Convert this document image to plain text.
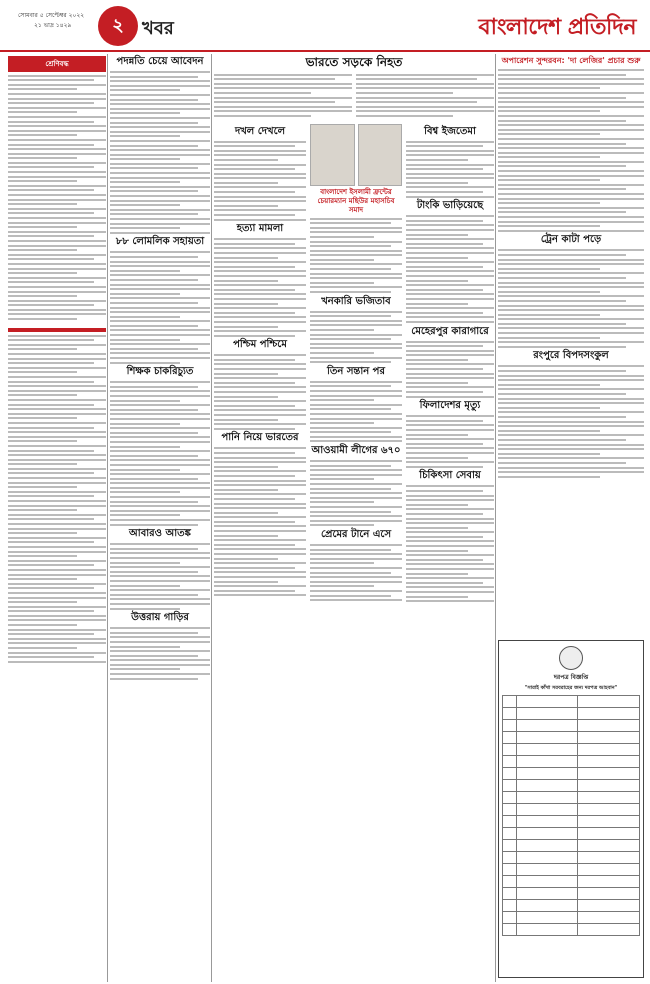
সোমবার ৫ সেপ্টেম্বর ২০২২
২১ ভাদ্র ১৪২৯	২	খবর	বাংলাদেশ প্রতিদিন
শ্রেণিবদ্ধ	পদন্নতি চেয়ে আবেদন
৮৮ লোমলিক সহায়তা
শিক্ষক চাকরিচ্যুত
আবারও আতঙ্ক
উত্তরায় গাড়ির
ভারতে সড়কে নিহত
দখল দেখলে
হত্যা মামলা
পশ্চিম পশ্চিমে
পানি নিয়ে ভারতের
বাংলাদেশ ইসলামী ফ্রন্টের চেয়ারম্যান মছিউর মহাসচিব সমাদ
খনকারি ভজিতাব
তিন সন্তান পর
আওয়ামী লীগের ৬৭০
প্রেমের টানে এসে
বিশ্ব ইজতেমা
টাংকি ভাড়িয়েছে
মেহেরপুর কারাগারে
ফিলাদেশর মৃত্যু
চিকিৎসা সেবায়
অপারেশন সুন্দরবন: 'দা লেজির' প্রচার শুরু
ট্রেন কাটা পড়ে
রংপুরে বিপদসংকুল
দরপত্র বিজ্ঞপ্তি
"সারাই কাঁথা সরবরাহের জন্য দরপত্র আহবান"
